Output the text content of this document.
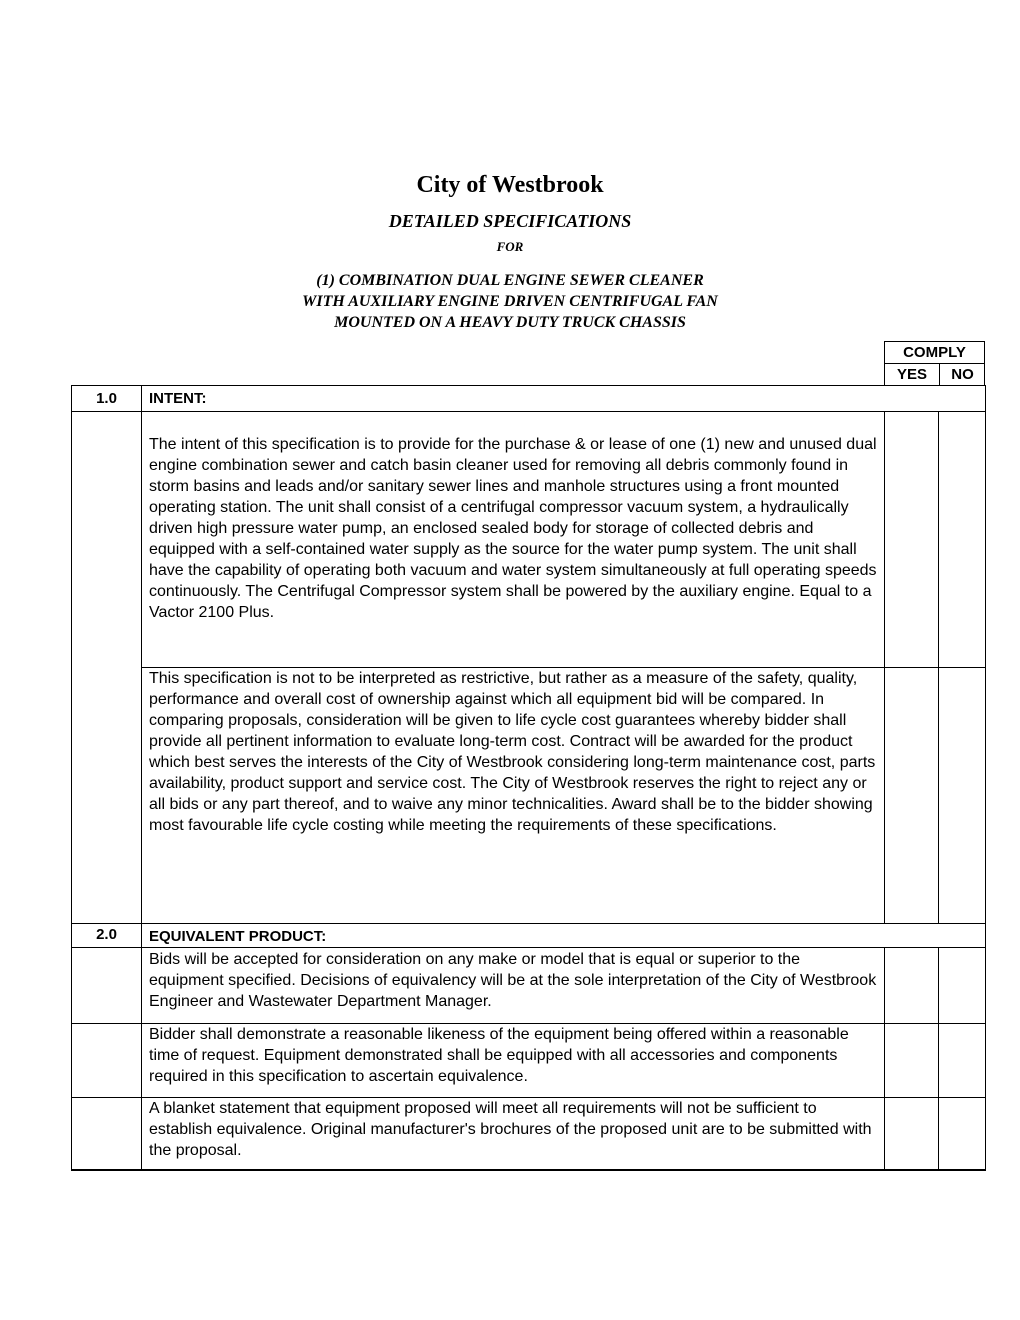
City of Westbrook
DETAILED SPECIFICATIONS
FOR
(1) COMBINATION DUAL ENGINE SEWER CLEANER
WITH AUXILIARY ENGINE DRIVEN CENTRIFUGAL FAN
MOUNTED ON A HEAVY DUTY TRUCK CHASSIS
COMPLY
YES	NO
1.0	INTENT:

The intent of this specification is to provide for the purchase & or lease of one (1) new and unused dual engine combination sewer and catch basin cleaner used for removing all debris commonly found in storm basins and leads and/or sanitary sewer lines and manhole structures using a front mounted operating station. The unit shall consist of a centrifugal compressor vacuum system, a hydraulically driven high pressure water pump, an enclosed sealed body for storage of collected debris and equipped with a self-contained water supply as the source for the water pump system. The unit shall have the capability of operating both vacuum and water system simultaneously at full operating speeds continuously. The Centrifugal Compressor system shall be powered by the auxiliary engine. Equal to a Vactor 2100 Plus.

This specification is not to be interpreted as restrictive, but rather as a measure of the safety, quality, performance and overall cost of ownership against which all equipment bid will be compared. In comparing proposals, consideration will be given to life cycle cost guarantees whereby bidder shall provide all pertinent information to evaluate long-term cost. Contract will be awarded for the product which best serves the interests of the City of Westbrook considering long-term maintenance cost, parts availability, product support and service cost. The City of Westbrook reserves the right to reject any or all bids or any part thereof, and to waive any minor technicalities. Award shall be to the bidder showing most favourable life cycle costing while meeting the requirements of these specifications.

2.0	EQUIVALENT PRODUCT:

Bids will be accepted for consideration on any make or model that is equal or superior to the equipment specified. Decisions of equivalency will be at the sole interpretation of the City of Westbrook Engineer and Wastewater Department Manager.

Bidder shall demonstrate a reasonable likeness of the equipment being offered within a reasonable time of request. Equipment demonstrated shall be equipped with all accessories and components required in this specification to ascertain equivalence.

A blanket statement that equipment proposed will meet all requirements will not be sufficient to establish equivalence. Original manufacturer's brochures of the proposed unit are to be submitted with the proposal.
